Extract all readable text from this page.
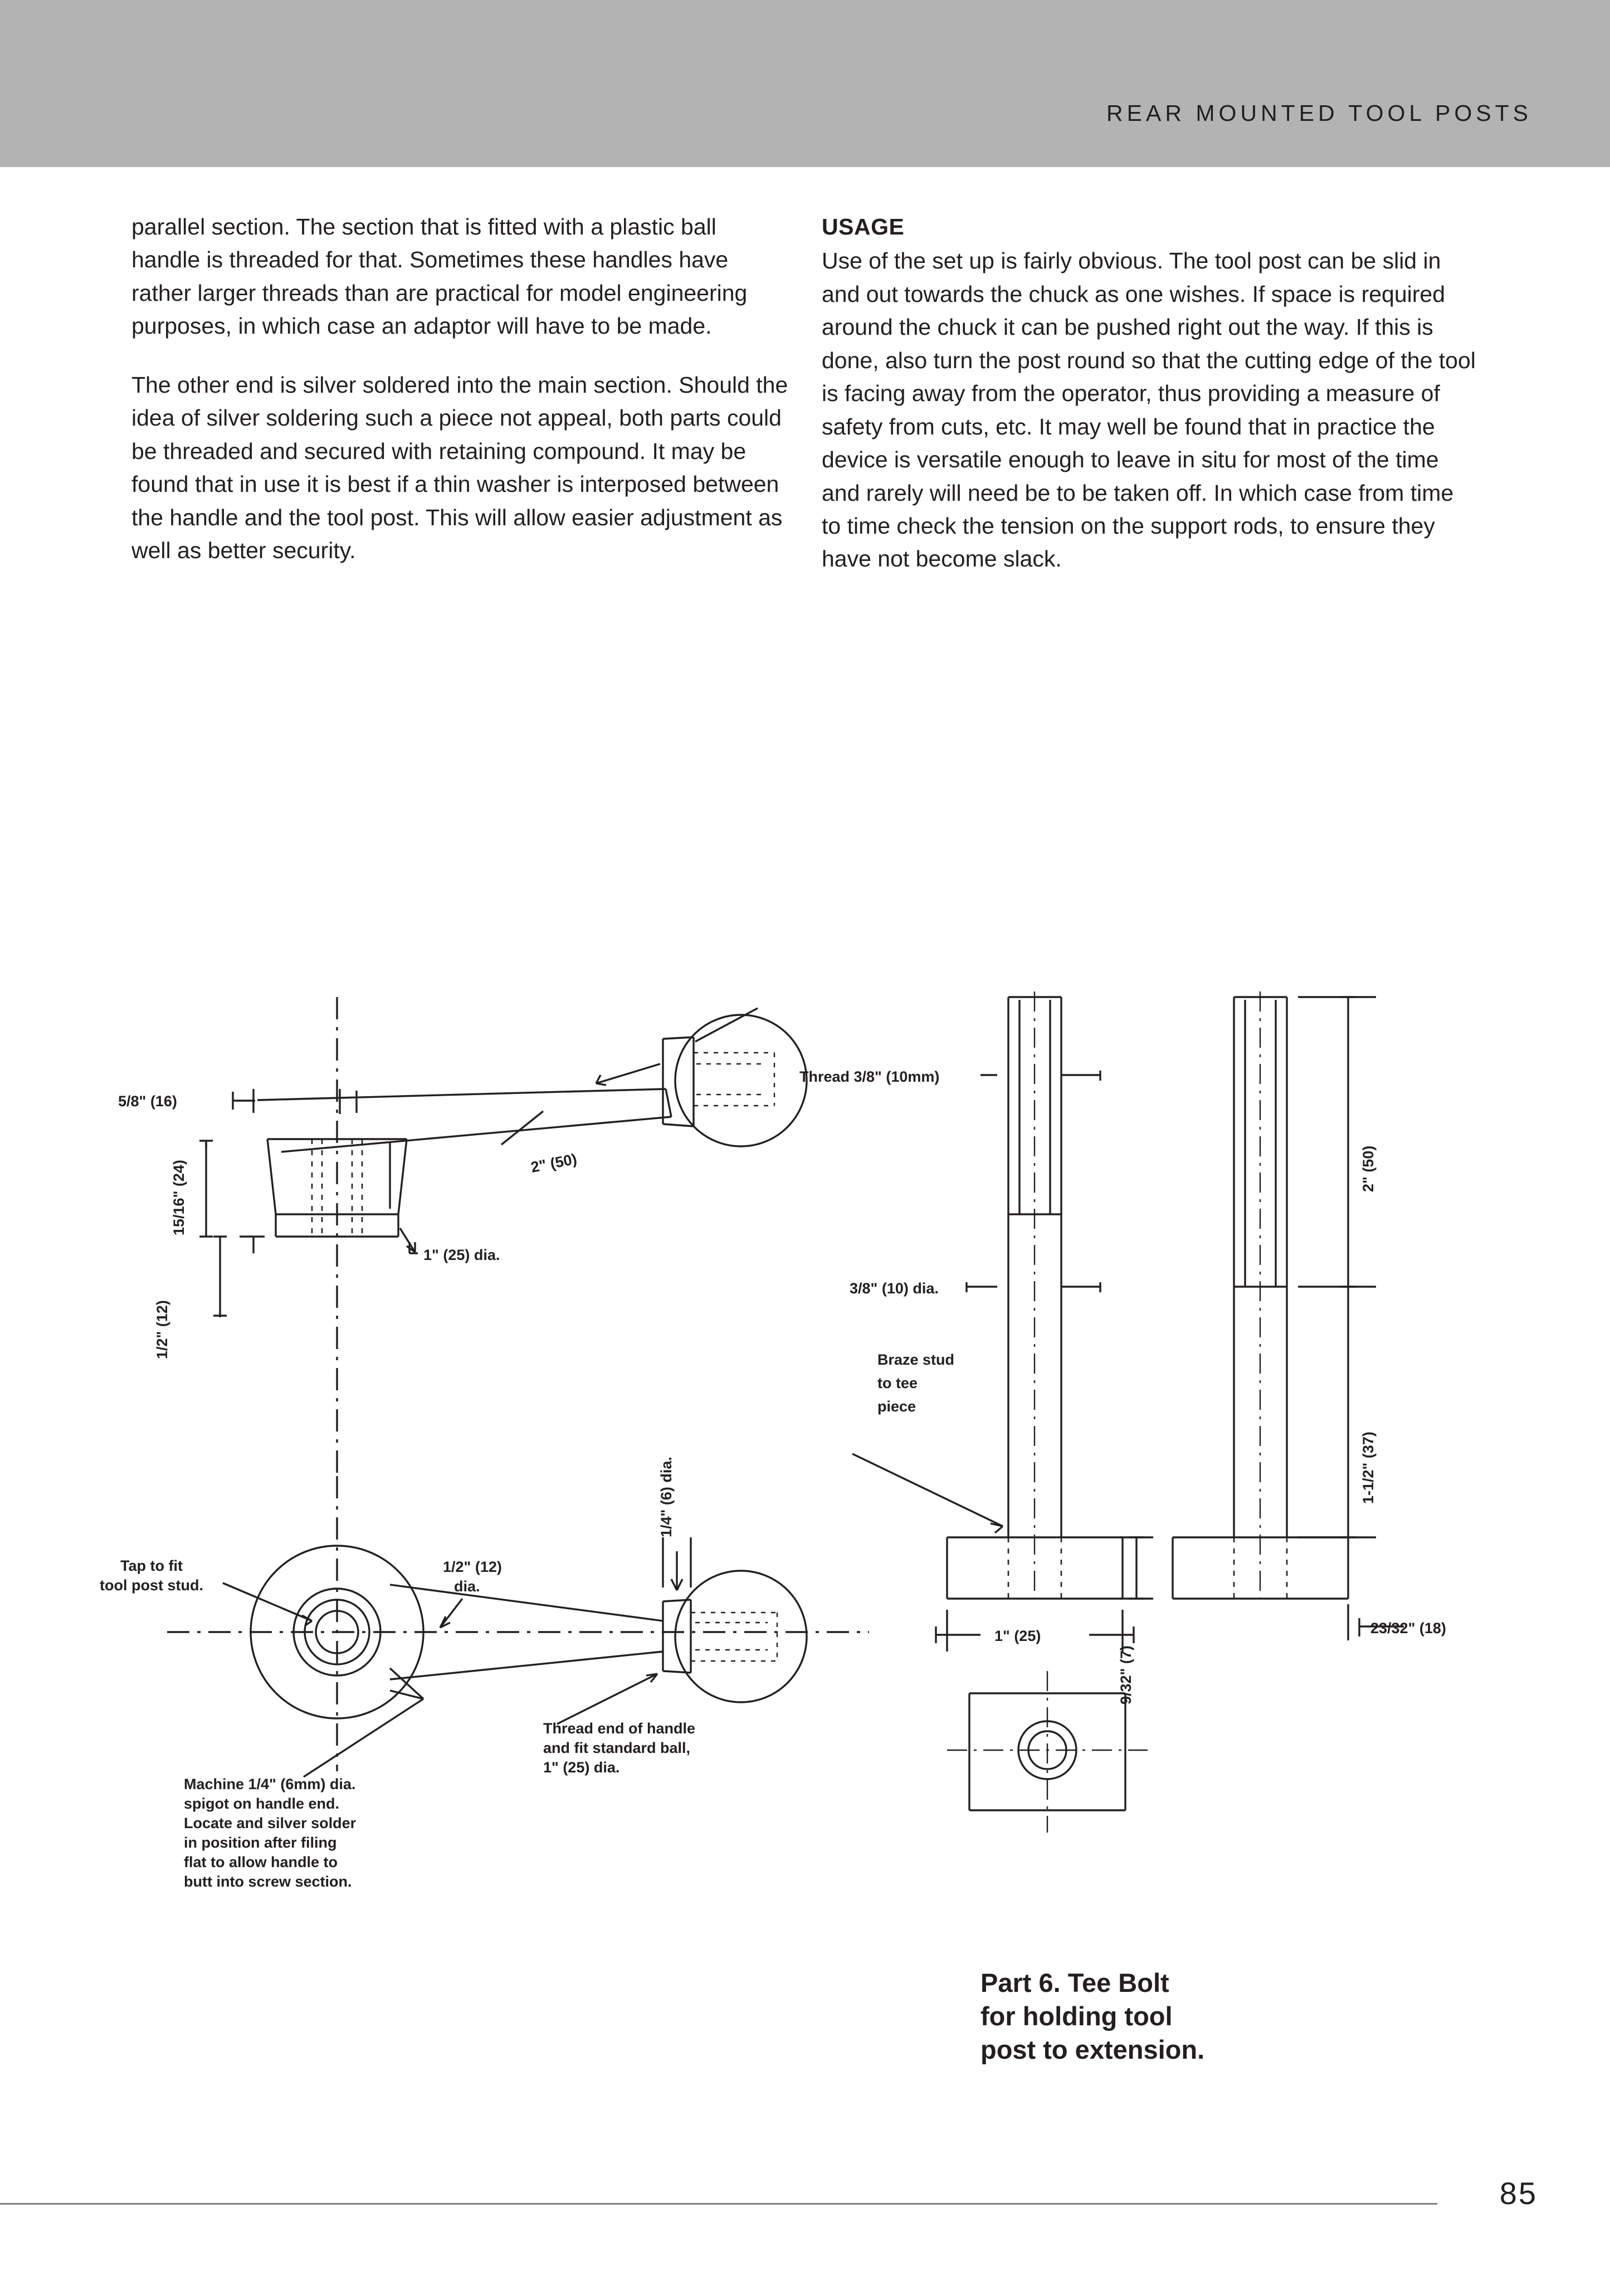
REAR MOUNTED TOOL POSTS

parallel section. The section that is fitted with a plastic ball handle is threaded for that. Sometimes these handles have rather larger threads than are practical for model engineering purposes, in which case an adaptor will have to be made.

The other end is silver soldered into the main section. Should the idea of silver soldering such a piece not appeal, both parts could be threaded and secured with retaining compound. It may be found that in use it is best if a thin washer is interposed between the handle and the tool post. This will allow easier adjustment as well as better security.

USAGE

Use of the set up is fairly obvious. The tool post can be slid in and out towards the chuck as one wishes. If space is required around the chuck it can be pushed right out the way. If this is done, also turn the post round so that the cutting edge of the tool is facing away from the operator, thus providing a measure of safety from cuts, etc. It may well be found that in practice the device is versatile enough to leave in situ for most of the time and rarely will need be to be taken off. In which case from time to time check the tension on the support rods, to ensure they have not become slack.

5/8" (16)
15/16" (24)
1/2" (12)
2" (50)
1" (25) dia.
Tap to fit
tool post stud.
1/2" (12)
dia.
1/4" (6) dia.
Thread end of handle
and fit standard ball,
1" (25) dia.
Machine 1/4" (6mm) dia.
spigot on handle end.
Locate and silver solder
in position after filing
flat to allow handle to
butt into screw section.
Thread 3/8" (10mm)
3/8" (10) dia.
Braze stud
to tee
piece
1" (25)
9/32" (7)
2" (50)
1-1/2" (37)
23/32" (18)
Part 6. Tee Bolt
for holding tool
post to extension.
85
